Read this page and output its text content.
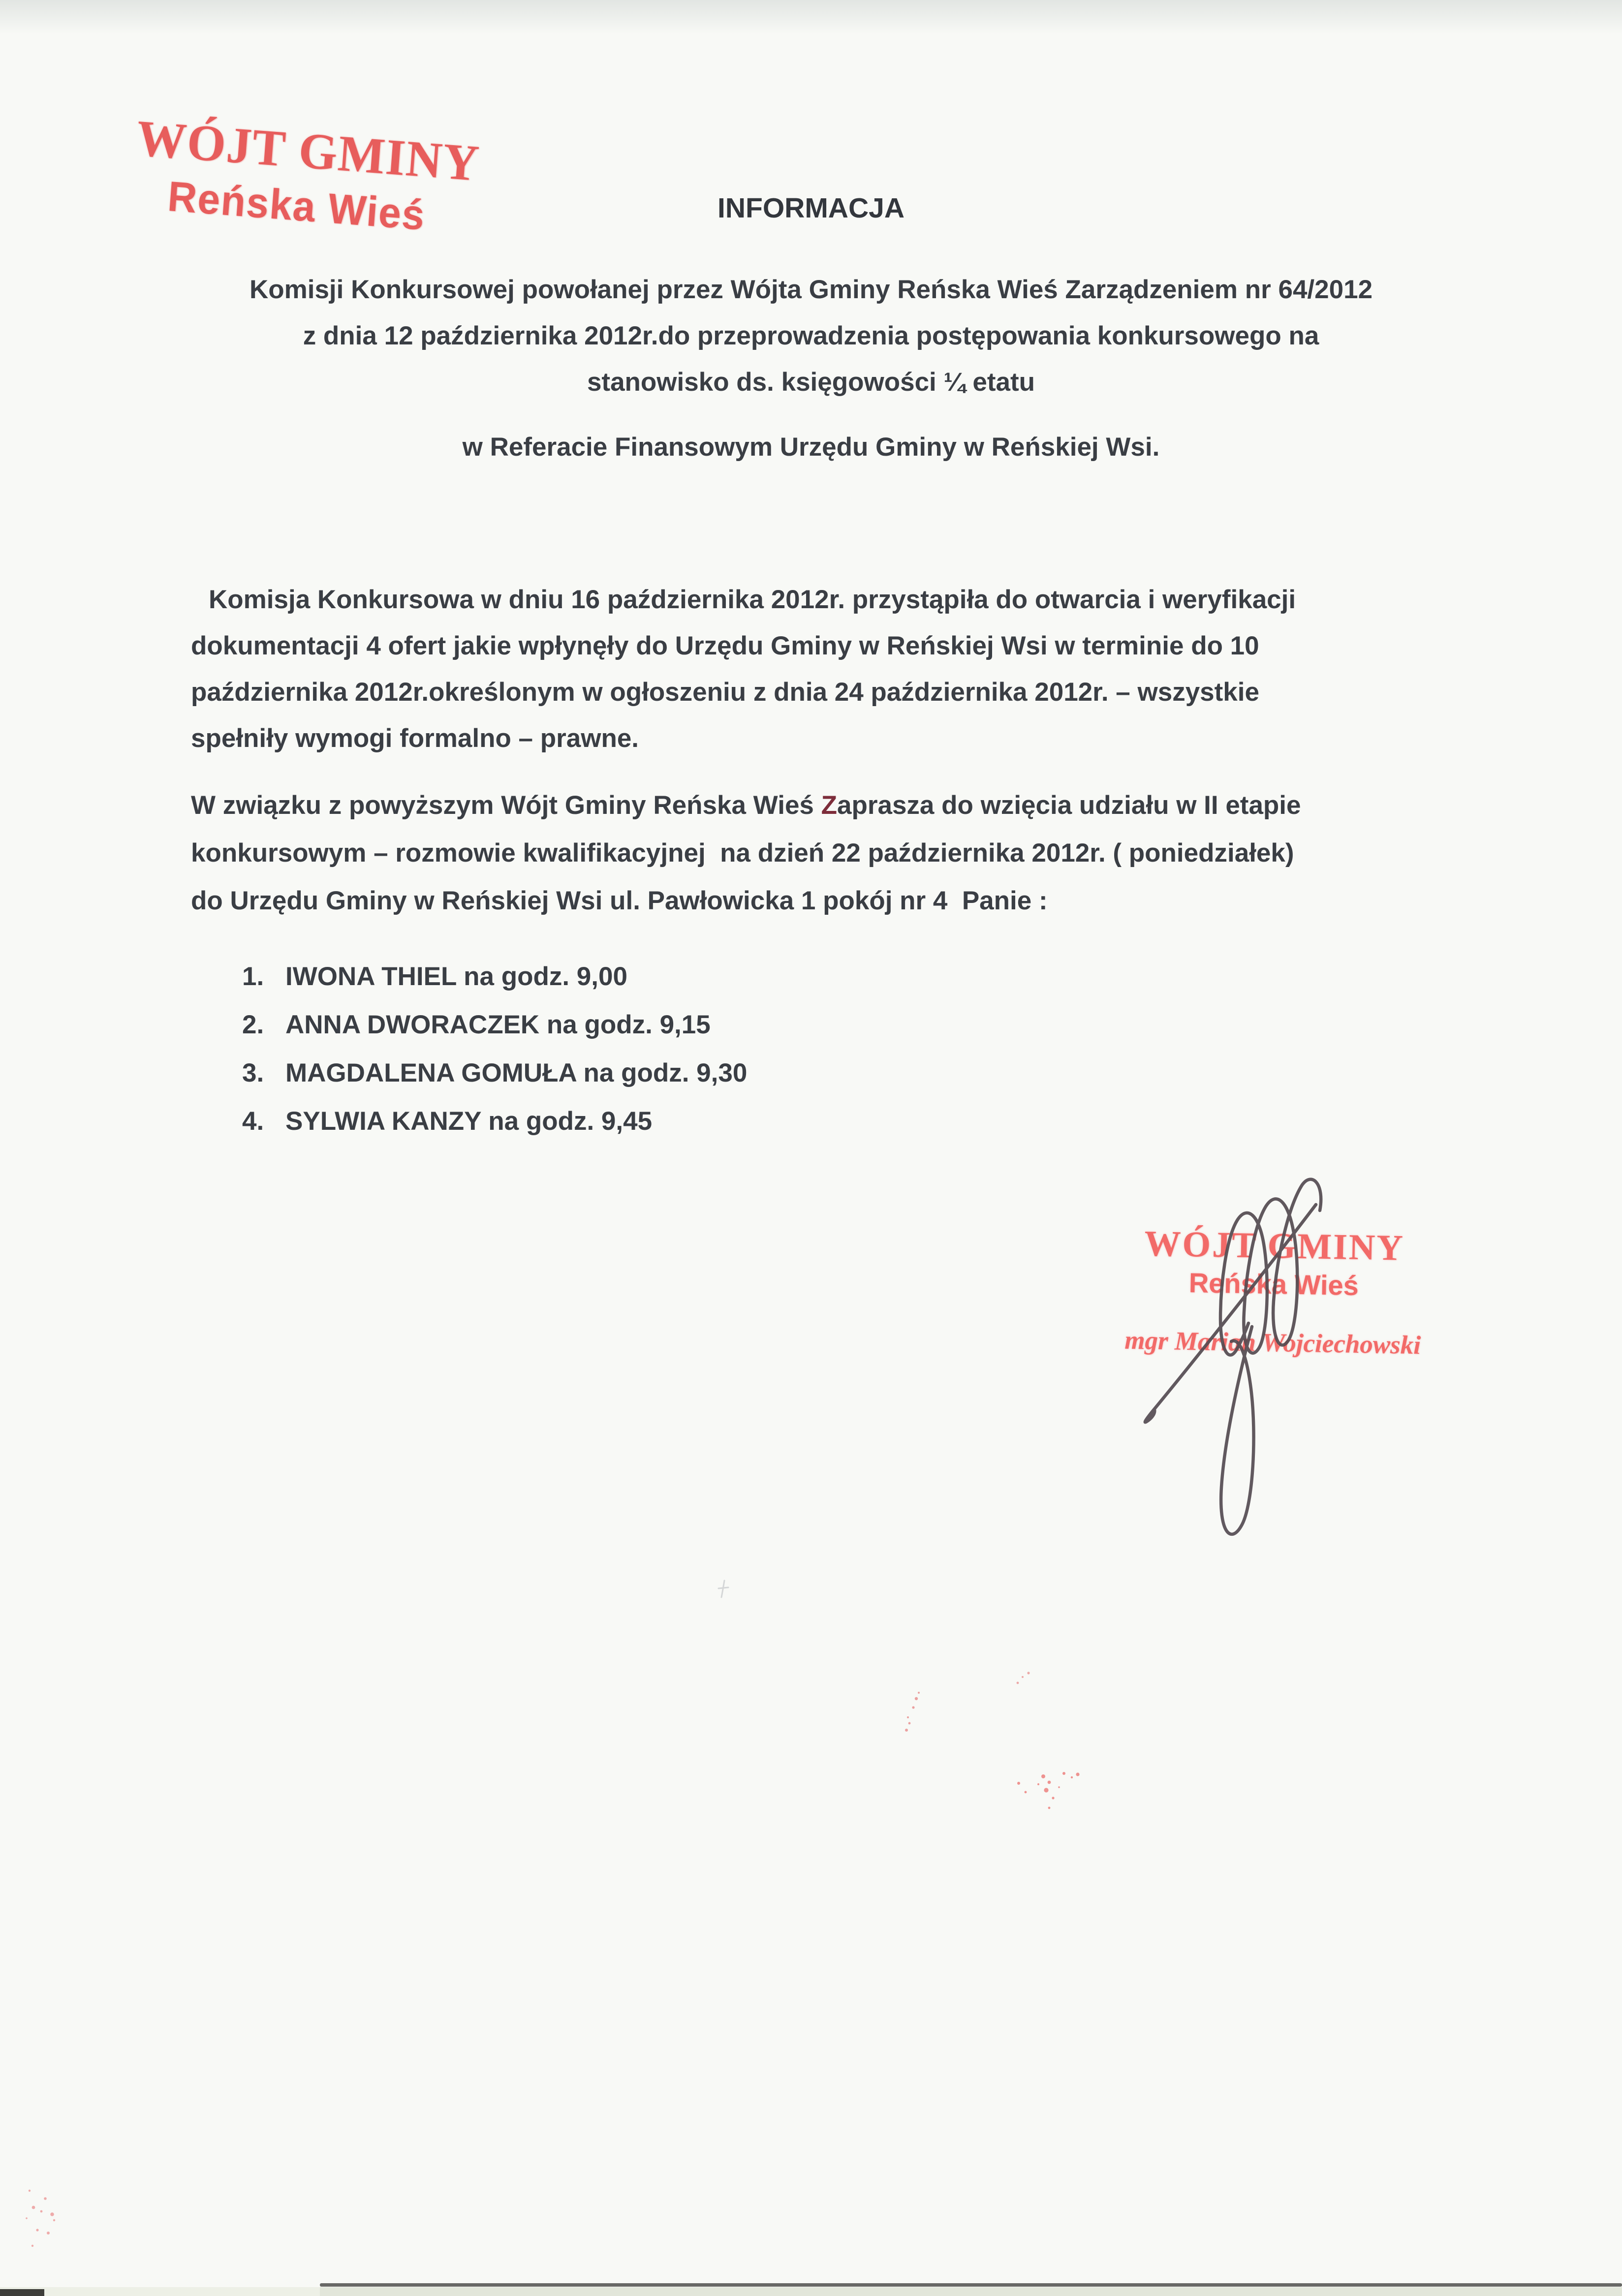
WÓJT GMINY
Reńska Wieś	INFORMACJA
Komisji Konkursowej powołanej przez Wójta Gminy Reńska Wieś Zarządzeniem nr 64/2012
z dnia 12 października 2012r.do przeprowadzenia postępowania konkursowego na
stanowisko ds. księgowości ¼ etatu
w Referacie Finansowym Urzędu Gminy w Reńskiej Wsi.
Komisja Konkursowa w dniu 16 października 2012r. przystąpiła do otwarcia i weryfikacji
dokumentacji 4 ofert jakie wpłynęły do Urzędu Gminy w Reńskiej Wsi w terminie do 10
października 2012r.określonym w ogłoszeniu z dnia 24 października 2012r. – wszystkie
spełniły wymogi formalno – prawne.
W związku z powyższym Wójt Gminy Reńska Wieś Zaprasza do wzięcia udziału w II etapie
konkursowym – rozmowie kwalifikacyjnej  na dzień 22 października 2012r. ( poniedziałek)
do Urzędu Gminy w Reńskiej Wsi ul. Pawłowicka 1 pokój nr 4  Panie :
1. IWONA THIEL na godz. 9,00
2. ANNA DWORACZEK na godz. 9,15
3. MAGDALENA GOMUŁA na godz. 9,30
4. SYLWIA KANZY na godz. 9,45
WÓJT GMINY
Reńska Wieś
mgr Marian Wojciechowski
